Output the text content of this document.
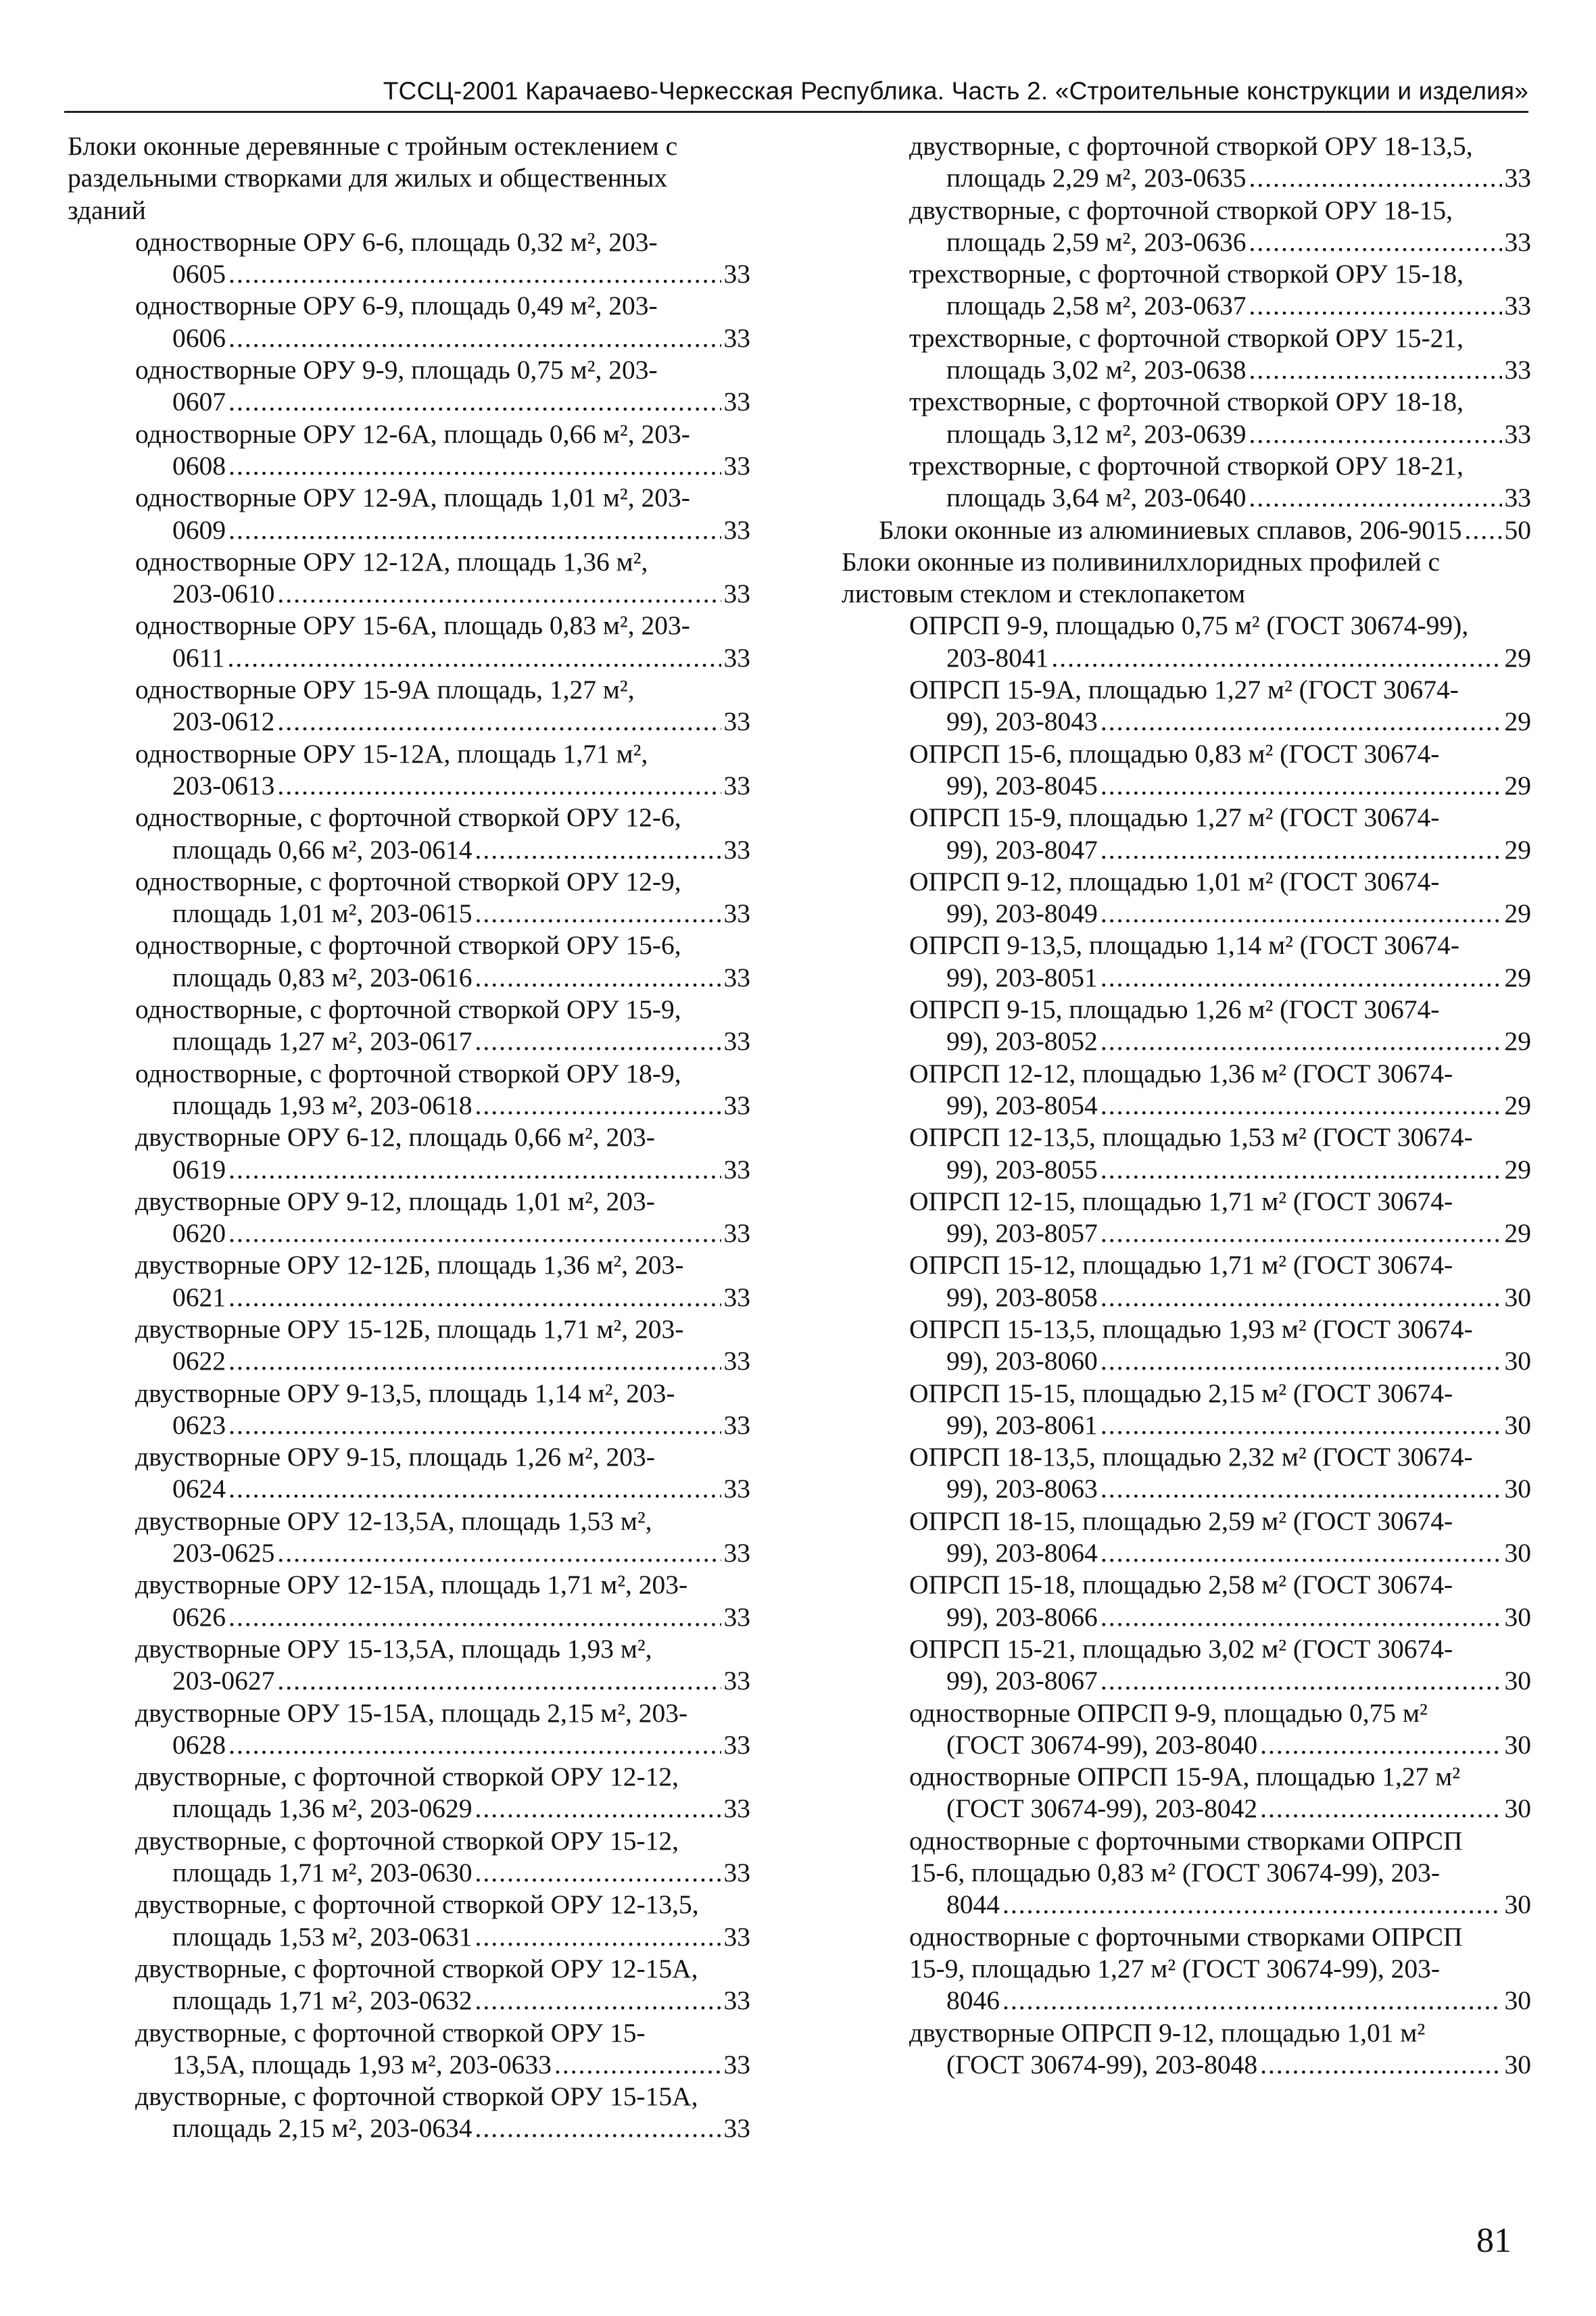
ТССЦ-2001 Карачаево-Черкесская Республика. Часть 2. «Строительные конструкции и изделия»
Блоки оконные деревянные с тройным остеклением с
раздельными створками для жилых и общественных
зданий
одностворные ОРУ 6-6, площадь 0,32 м², 203-
0605 .....	33
одностворные ОРУ 6-9, площадь 0,49 м², 203-
0606 .....	33
одностворные ОРУ 9-9, площадь 0,75 м², 203-
0607 .....	33
одностворные ОРУ 12-6А, площадь 0,66 м², 203-
0608 .....	33
одностворные ОРУ 12-9А, площадь 1,01 м², 203-
0609 .....	33
одностворные ОРУ 12-12А, площадь 1,36 м²,
203-0610 .....	33
одностворные ОРУ 15-6А, площадь 0,83 м², 203-
0611 .....	33
одностворные ОРУ 15-9А площадь, 1,27 м²,
203-0612 .....	33
одностворные ОРУ 15-12А, площадь 1,71 м²,
203-0613 .....	33
одностворные, с форточной створкой ОРУ 12-6,
площадь 0,66 м², 203-0614 .....	33
одностворные, с форточной створкой ОРУ 12-9,
площадь 1,01 м², 203-0615 .....	33
одностворные, с форточной створкой ОРУ 15-6,
площадь 0,83 м², 203-0616 .....	33
одностворные, с форточной створкой ОРУ 15-9,
площадь 1,27 м², 203-0617 .....	33
одностворные, с форточной створкой ОРУ 18-9,
площадь 1,93 м², 203-0618 .....	33
двустворные ОРУ 6-12, площадь 0,66 м², 203-
0619 .....	33
двустворные ОРУ 9-12, площадь 1,01 м², 203-
0620 .....	33
двустворные ОРУ 12-12Б, площадь 1,36 м², 203-
0621 .....	33
двустворные ОРУ 15-12Б, площадь 1,71 м², 203-
0622 .....	33
двустворные ОРУ 9-13,5, площадь 1,14 м², 203-
0623 .....	33
двустворные ОРУ 9-15, площадь 1,26 м², 203-
0624 .....	33
двустворные ОРУ 12-13,5А, площадь 1,53 м²,
203-0625 .....	33
двустворные ОРУ 12-15А, площадь 1,71 м², 203-
0626 .....	33
двустворные ОРУ 15-13,5А, площадь 1,93 м²,
203-0627 .....	33
двустворные ОРУ 15-15А, площадь 2,15 м², 203-
0628 .....	33
двустворные, с форточной створкой ОРУ 12-12,
площадь 1,36 м², 203-0629 .....	33
двустворные, с форточной створкой ОРУ 15-12,
площадь 1,71 м², 203-0630 .....	33
двустворные, с форточной створкой ОРУ 12-13,5,
площадь 1,53 м², 203-0631 .....	33
двустворные, с форточной створкой ОРУ 12-15А,
площадь 1,71 м², 203-0632 .....	33
двустворные, с форточной створкой ОРУ 15-
13,5А, площадь 1,93 м², 203-0633 .....	33
двустворные, с форточной створкой ОРУ 15-15А,
площадь 2,15 м², 203-0634 .....	33
двустворные, с форточной створкой ОРУ 18-13,5,
площадь 2,29 м², 203-0635 .....	33
двустворные, с форточной створкой ОРУ 18-15,
площадь 2,59 м², 203-0636 .....	33
трехстворные, с форточной створкой ОРУ 15-18,
площадь 2,58 м², 203-0637 .....	33
трехстворные, с форточной створкой ОРУ 15-21,
площадь 3,02 м², 203-0638 .....	33
трехстворные, с форточной створкой ОРУ 18-18,
площадь 3,12 м², 203-0639 .....	33
трехстворные, с форточной створкой ОРУ 18-21,
площадь 3,64 м², 203-0640 .....	33
Блоки оконные из алюминиевых сплавов, 206-9015 ..... 50
Блоки оконные из поливинилхлоридных профилей с
листовым стеклом и стеклопакетом
ОПРСП 9-9, площадью 0,75 м² (ГОСТ 30674-99),
203-8041 .....	29
ОПРСП 15-9А, площадью 1,27 м² (ГОСТ 30674-
99), 203-8043 .....	29
ОПРСП 15-6, площадью 0,83 м² (ГОСТ 30674-
99), 203-8045 .....	29
ОПРСП 15-9, площадью 1,27 м² (ГОСТ 30674-
99), 203-8047 .....	29
ОПРСП 9-12, площадью 1,01 м² (ГОСТ 30674-
99), 203-8049 .....	29
ОПРСП 9-13,5, площадью 1,14 м² (ГОСТ 30674-
99), 203-8051 .....	29
ОПРСП 9-15, площадью 1,26 м² (ГОСТ 30674-
99), 203-8052 .....	29
ОПРСП 12-12, площадью 1,36 м² (ГОСТ 30674-
99), 203-8054 .....	29
ОПРСП 12-13,5, площадью 1,53 м² (ГОСТ 30674-
99), 203-8055 .....	29
ОПРСП 12-15, площадью 1,71 м² (ГОСТ 30674-
99), 203-8057 .....	29
ОПРСП 15-12, площадью 1,71 м² (ГОСТ 30674-
99), 203-8058 .....	30
ОПРСП 15-13,5, площадью 1,93 м² (ГОСТ 30674-
99), 203-8060 .....	30
ОПРСП 15-15, площадью 2,15 м² (ГОСТ 30674-
99), 203-8061 .....	30
ОПРСП 18-13,5, площадью 2,32 м² (ГОСТ 30674-
99), 203-8063 .....	30
ОПРСП 18-15, площадью 2,59 м² (ГОСТ 30674-
99), 203-8064 .....	30
ОПРСП 15-18, площадью 2,58 м² (ГОСТ 30674-
99), 203-8066 .....	30
ОПРСП 15-21, площадью 3,02 м² (ГОСТ 30674-
99), 203-8067 .....	30
одностворные ОПРСП 9-9, площадью 0,75 м²
(ГОСТ 30674-99), 203-8040 .....	30
одностворные ОПРСП 15-9А, площадью 1,27 м²
(ГОСТ 30674-99), 203-8042 .....	30
одностворные с форточными створками ОПРСП
15-6, площадью 0,83 м² (ГОСТ 30674-99), 203-
8044 .....	30
одностворные с форточными створками ОПРСП
15-9, площадью 1,27 м² (ГОСТ 30674-99), 203-
8046 .....	30
двустворные ОПРСП 9-12, площадью 1,01 м²
(ГОСТ 30674-99), 203-8048 .....	30
81
